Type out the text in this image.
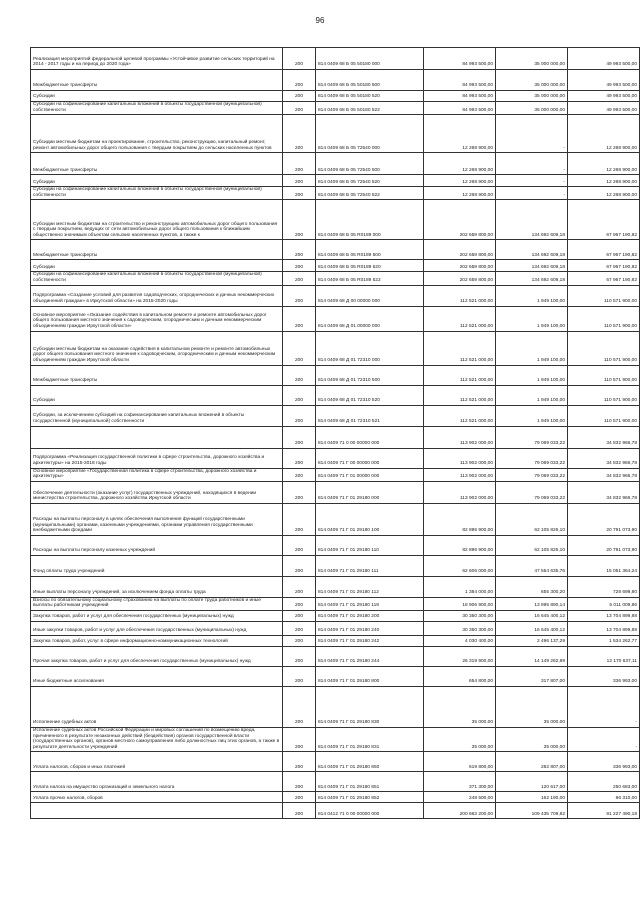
96
Реализация мероприятий федеральной целевой программы «Устойчивое развитие сельских территорий на 2014 - 2017 годы и на период до 2020 года»	200	814 0409 68 Б 05 50180 000	84 993 500,00	35 000 000,00	49 993 500,00
Межбюджетные трансферты	200	814 0409 68 Б 05 50180 500	84 993 500,00	35 000 000,00	49 993 500,00
Субсидии	200	814 0409 68 Б 05 50180 520	84 993 500,00	35 000 000,00	49 993 500,00
Субсидии на софинансирование капитальных вложений в объекты государственной (муниципальной) собственности	200	814 0409 68 Б 05 50180 522	84 993 500,00	35 000 000,00	49 993 500,00
Субсидии местным бюджетам на проектирование, строительство, реконструкцию, капитальный ремонт, ремонт автомобильных дорог общего пользования с твердым покрытием до сельских населенных пунктов	200	814 0409 68 Б 05 72540 000	12 268 900,00	-	12 268 900,00
Межбюджетные трансферты	200	814 0409 68 Б 05 72540 500	12 268 900,00	-	12 268 900,00
Субсидии	200	814 0409 68 Б 05 72540 520	12 268 900,00	-	12 268 900,00
Субсидии на софинансирование капитальных вложений в объекты государственной (муниципальной) собственности	200	814 0409 68 Б 05 72540 522	12 268 900,00	-	12 268 900,00
Субсидии местным бюджетам на строительство и реконструкцию автомобильных дорог общего пользования с твердым покрытием, ведущих от сети автомобильных дорог общего пользования к ближайшим общественно значимым объектам сельских населенных пунктов, а также к	200	814 0409 68 Б 05 R0189 000	202 659 800,00	134 692 609,18	67 967 190,82
Межбюджетные трансферты	200	814 0409 68 Б 05 R0189 500	202 659 800,00	134 692 609,18	67 967 190,82
Субсидии	200	814 0409 68 Б 05 R0189 520	202 659 800,00	134 692 609,18	67 967 190,82
Субсидии на софинансирование капитальных вложений в объекты государственной (муниципальной) собственности	200	814 0409 68 Б 05 R0189 522	202 659 800,00	134 692 609,18	67 967 190,82
Подпрограмма «Создание условий для развития садоводческих, огороднических и дачных некоммерческих объединений граждан» в Иркутской области» на 2015-2020 годы	200	814 0409 68 Д 00 00000 000	112 521 000,00	1 949 100,00	110 571 900,00
Основное мероприятие «Оказание содействия в капитальном ремонте и ремонте автомобильных дорог общего пользования местного значения к садоводческим, огородническим и дачным некоммерческим объединениям граждан Иркутской области»	200	814 0409 68 Д 01 00000 000	112 521 000,00	1 949 100,00	110 571 900,00
Субсидии местным бюджетам на оказание содействия в капитальном ремонте и ремонте автомобильных дорог общего пользования местного значения к садоводческим, огородническим и дачным некоммерческим объединениям граждан Иркутской области	200	814 0409 68 Д 01 72310 000	112 521 000,00	1 949 100,00	110 571 900,00
Межбюджетные трансферты	200	814 0409 68 Д 01 72310 500	112 521 000,00	1 949 100,00	110 571 900,00
Субсидии	200	814 0409 68 Д 01 72310 520	112 521 000,00	1 949 100,00	110 571 900,00
Субсидии, за исключением субсидий на софинансирование капитальных вложений в объекты государственной (муниципальной) собственности	200	814 0409 68 Д 01 72310 521	112 521 000,00	1 949 100,00	110 571 900,00
	200	814 0409 71 0 00 00000 000	113 902 000,00	79 069 033,22	34 832 966,78
Подпрограмма «Реализация государственной политики в сфере строительства, дорожного хозяйства и архитектуры» на 2015-2018 годы	200	814 0409 71 Г 00 00000 000	113 902 000,00	79 069 033,22	34 832 966,78
Основное мероприятие «Государственная политика в сфере строительства, дорожного хозяйства и архитектуры»	200	814 0409 71 Г 01 00000 000	113 902 000,00	79 069 033,22	34 832 966,78
Обеспечение деятельности (оказание услуг) государственных учреждений, находящихся в ведении министерства строительства, дорожного хозяйства Иркутской области	200	814 0409 71 Г 01 29180 000	113 902 000,00	79 069 033,22	34 832 966,78
Расходы на выплаты персоналу в целях обеспечения выполнения функций государственными (муниципальными) органами, казенными учреждениями, органами управления государственными внебюджетными фондами	200	814 0409 71 Г 01 29180 100	82 896 900,00	62 105 826,10	20 791 073,90
Расходы на выплаты персоналу казенных учреждений	200	814 0409 71 Г 01 29180 110	82 896 900,00	62 105 826,10	20 791 073,90
Фонд оплаты труда учреждений	200	814 0409 71 Г 01 29180 111	62 606 000,00	47 554 635,76	15 051 364,24
Иные выплаты персоналу учреждений, за исключением фонда оплаты труда	200	814 0409 71 Г 01 29180 112	1 384 000,00	655 300,20	728 699,80
Взносы по обязательному социальному страхованию на выплаты по оплате труда работников и иные выплаты работникам учреждений	200	814 0409 71 Г 01 29180 119	18 906 900,00	13 895 890,14	5 011 009,86
Закупка товаров, работ и услуг для обеспечения государственных (муниципальных) нужд	200	814 0409 71 Г 01 29180 200	30 350 300,00	16 645 400,12	13 704 899,88
Иные закупки товаров, работ и услуг для обеспечения государственных (муниципальных) нужд	200	814 0409 71 Г 01 29180 240	30 350 300,00	16 645 400,12	13 704 899,88
Закупка товаров, работ, услуг в сфере информационно-коммуникационных технологий	200	814 0409 71 Г 01 29180 242	4 030 400,00	2 496 137,29	1 534 262,77
Прочая закупка товаров, работ и услуг для обеспечения государственных (муниципальных) нужд	200	814 0409 71 Г 01 29180 244	26 319 900,00	14 149 262,89	12 170 637,11
Иные бюджетные ассигнования	200	814 0409 71 Г 01 29180 800	654 800,00	317 807,00	336 993,00
Исполнение судебных актов	200	814 0409 71 Г 01 29180 830	35 000,00	35 000,00	-
Исполнение судебных актов Российской Федерации и мировых соглашений по возмещению вреда, причиненного в результате незаконных действий (бездействия) органов государственной власти (государственных органов), органов местного самоуправления либо должностных лиц этих органов, а также в результате деятельности учреждений	200	814 0409 71 Г 01 29180 831	35 000,00	35 000,00	-
Уплата налогов, сборов и иных платежей	200	814 0409 71 Г 01 29180 850	619 800,00	282 807,00	336 993,00
Уплата налога на имущество организаций и земельного налога	200	814 0409 71 Г 01 29180 851	371 300,00	120 617,00	250 683,00
Уплата прочих налогов, сборов	200	814 0409 71 Г 01 29180 852	248 500,00	162 190,00	86 310,00
	200	814 0412 71 0 00 00000 000	200 663 200,00	109 435 709,82	91 227 490,18
